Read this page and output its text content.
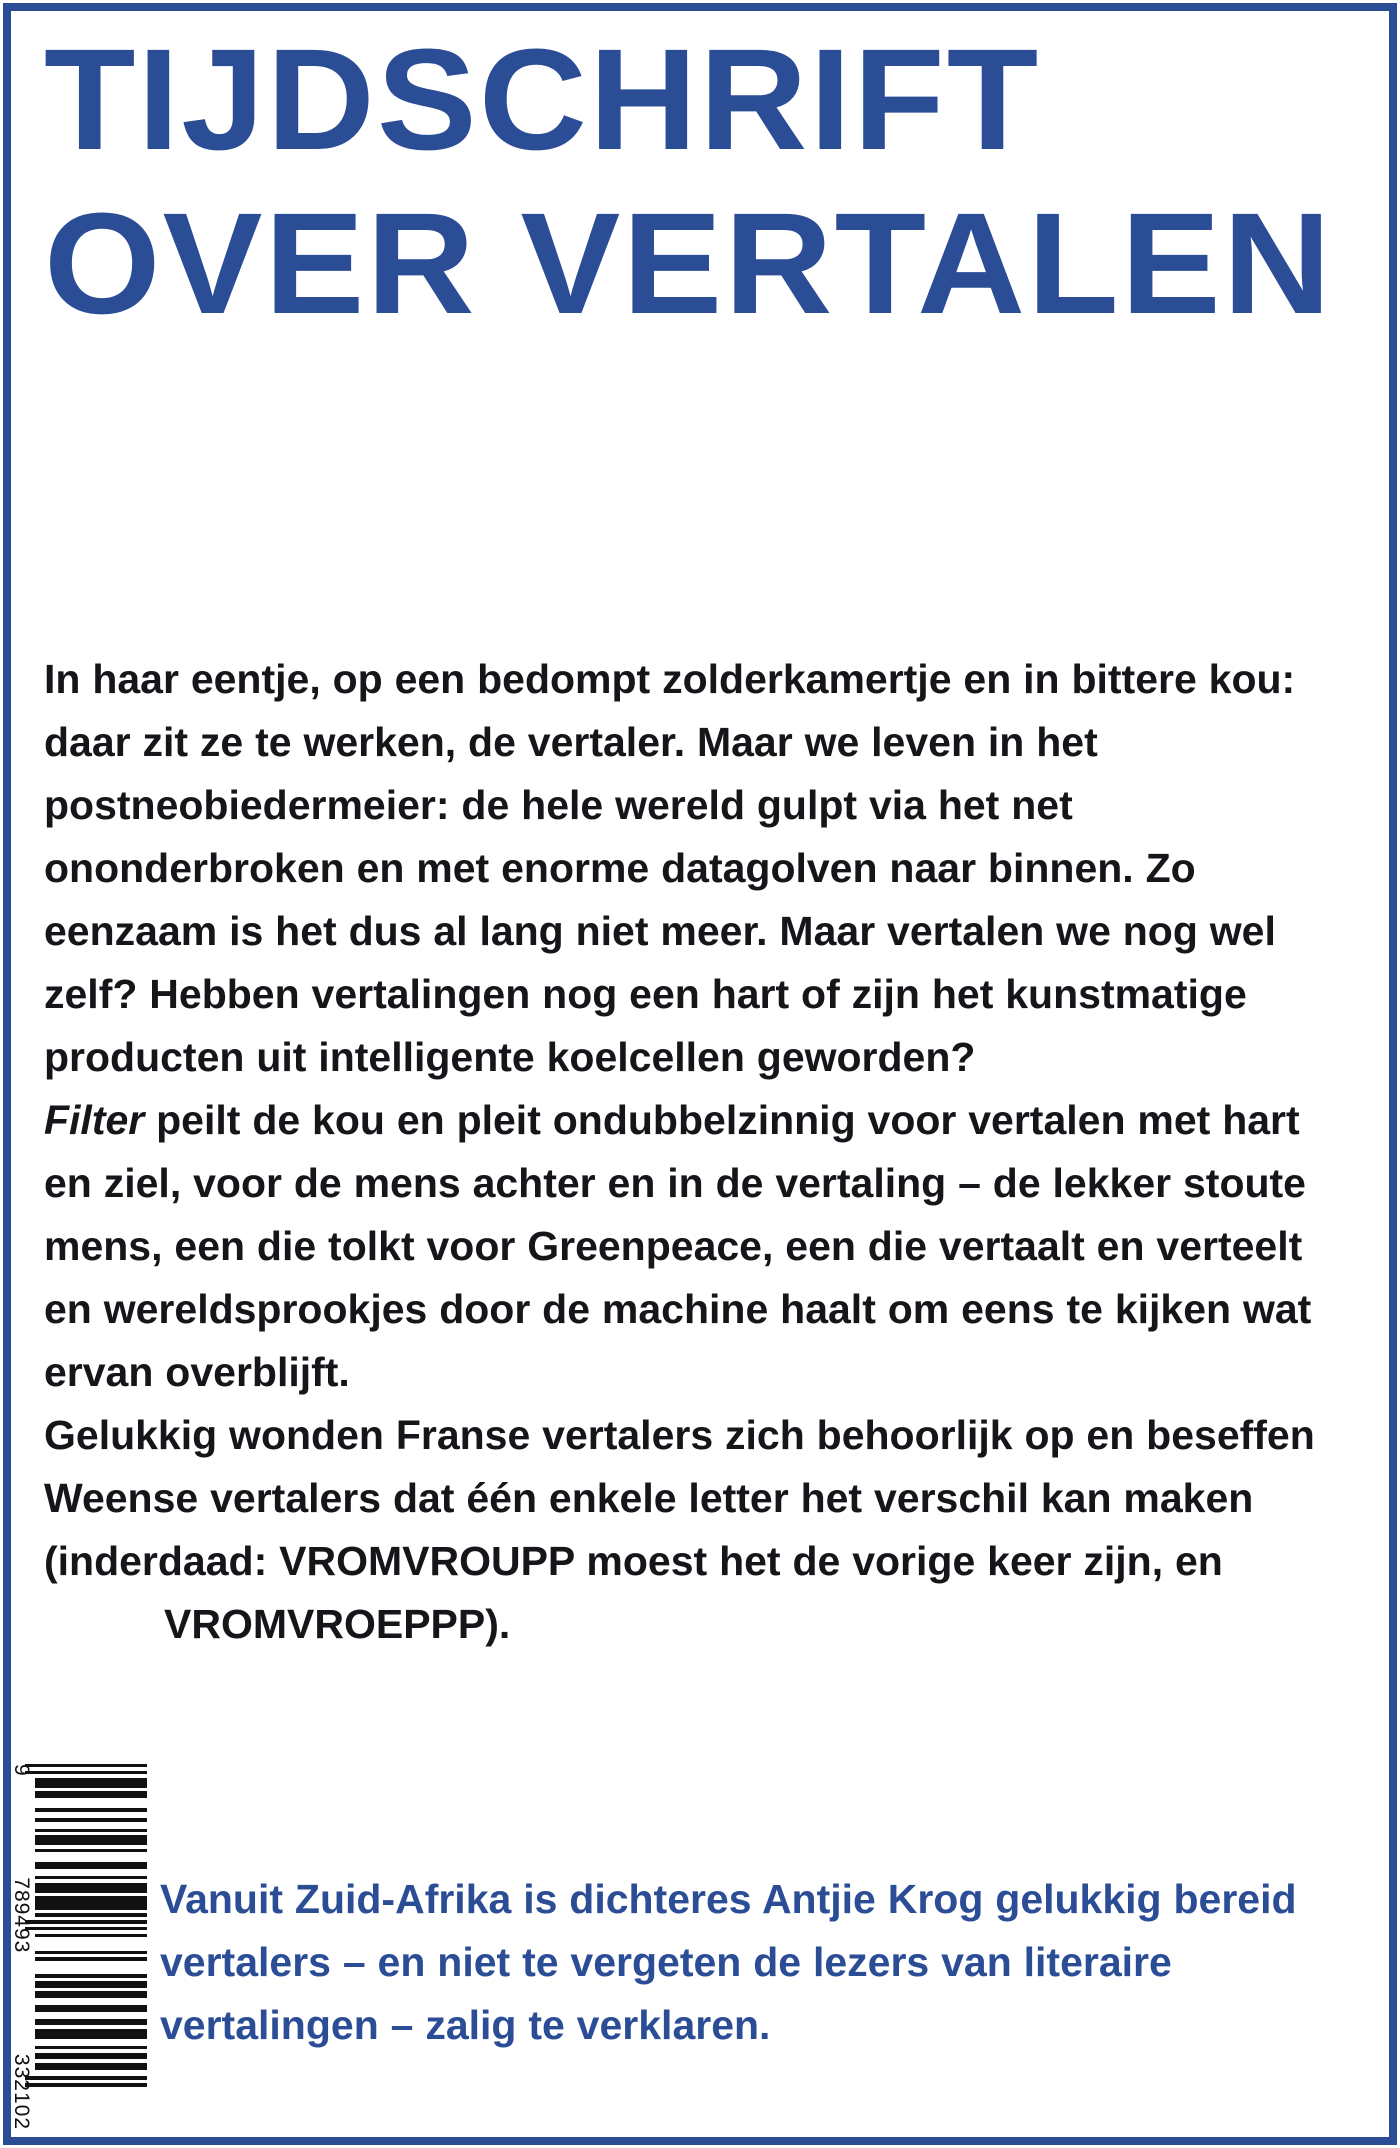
TIJDSCHRIFT
OVER VERTALEN

In haar eentje, op een bedompt zolderkamertje en in bittere kou: daar zit ze te werken, de vertaler. Maar we leven in het postneobiedermeier: de hele wereld gulpt via het net ononderbroken en met enorme datagolven naar binnen. Zo eenzaam is het dus al lang niet meer. Maar vertalen we nog wel zelf? Hebben vertalingen nog een hart of zijn het kunstmatige producten uit intelligente koelcellen geworden?

Filter peilt de kou en pleit ondubbelzinnig voor vertalen met hart en ziel, voor de mens achter en in de vertaling – de lekker stoute mens, een die tolkt voor Greenpeace, een die vertaalt en verteelt en wereldsprookjes door de machine haalt om eens te kijken wat ervan overblijft.

Gelukkig wonden Franse vertalers zich behoorlijk op en beseffen Weense vertalers dat één enkele letter het verschil kan maken (inderdaad: VROMVROUPP moest het de vorige keer zijn, enVROMVROEPPP).

Vanuit Zuid-Afrika is dichteres Antjie Krog gelukkig bereid vertalers – en niet te vergeten de lezers van literaire vertalingen – zalig te verklaren.

9
789493
332102
